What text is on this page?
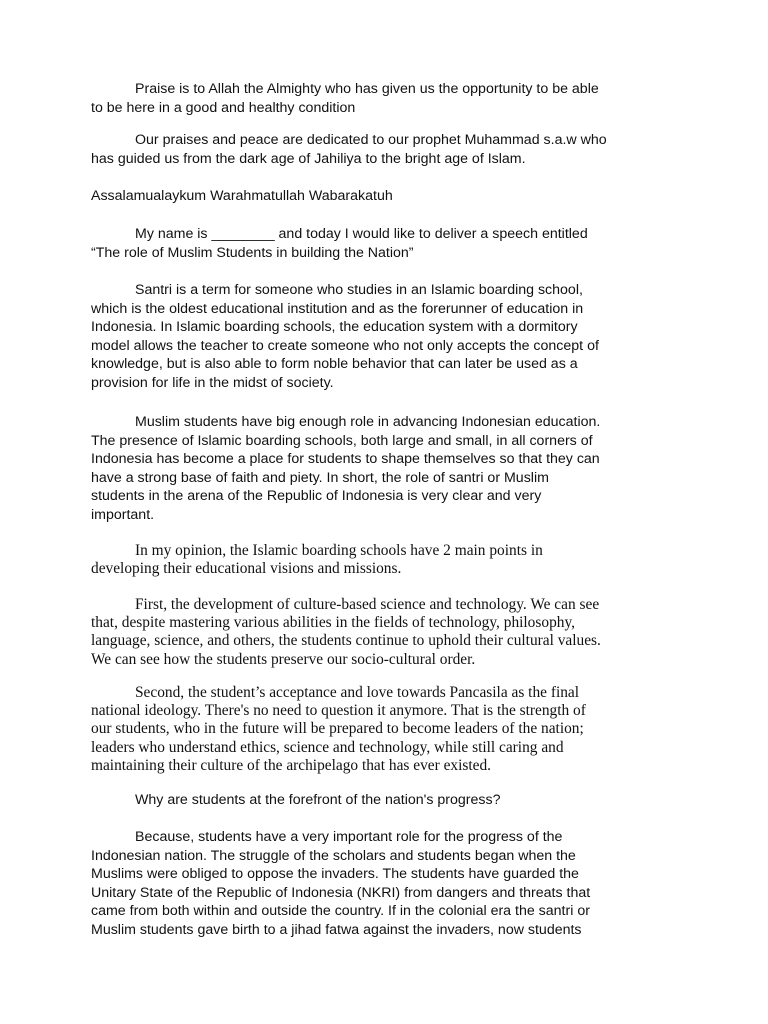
Praise is to Allah the Almighty who has given us the opportunity to be able
to be here in a good and healthy condition
Our praises and peace are dedicated to our prophet Muhammad s.a.w who
has guided us from the dark age of Jahiliya to the bright age of Islam.
Assalamualaykum Warahmatullah Wabarakatuh
My name is ________ and today I would like to deliver a speech entitled
“The role of Muslim Students in building the Nation”
Santri is a term for someone who studies in an Islamic boarding school,
which is the oldest educational institution and as the forerunner of education in
Indonesia. In Islamic boarding schools, the education system with a dormitory
model allows the teacher to create someone who not only accepts the concept of
knowledge, but is also able to form noble behavior that can later be used as a
provision for life in the midst of society.
Muslim students have big enough role in advancing Indonesian education.
The presence of Islamic boarding schools, both large and small, in all corners of
Indonesia has become a place for students to shape themselves so that they can
have a strong base of faith and piety. In short, the role of santri or Muslim
students in the arena of the Republic of Indonesia is very clear and very
important.
In my opinion, the Islamic boarding schools have 2 main points in
developing their educational visions and missions.
First, the development of culture-based science and technology. We can see
that, despite mastering various abilities in the fields of technology, philosophy,
language, science, and others, the students continue to uphold their cultural values.
We can see how the students preserve our socio-cultural order.
Second, the student’s acceptance and love towards Pancasila as the final
national ideology. There's no need to question it anymore. That is the strength of
our students, who in the future will be prepared to become leaders of the nation;
leaders who understand ethics, science and technology, while still caring and
maintaining their culture of the archipelago that has ever existed.
Why are students at the forefront of the nation's progress?
Because, students have a very important role for the progress of the
Indonesian nation. The struggle of the scholars and students began when the
Muslims were obliged to oppose the invaders. The students have guarded the
Unitary State of the Republic of Indonesia (NKRI) from dangers and threats that
came from both within and outside the country. If in the colonial era the santri or
Muslim students gave birth to a jihad fatwa against the invaders, now students
